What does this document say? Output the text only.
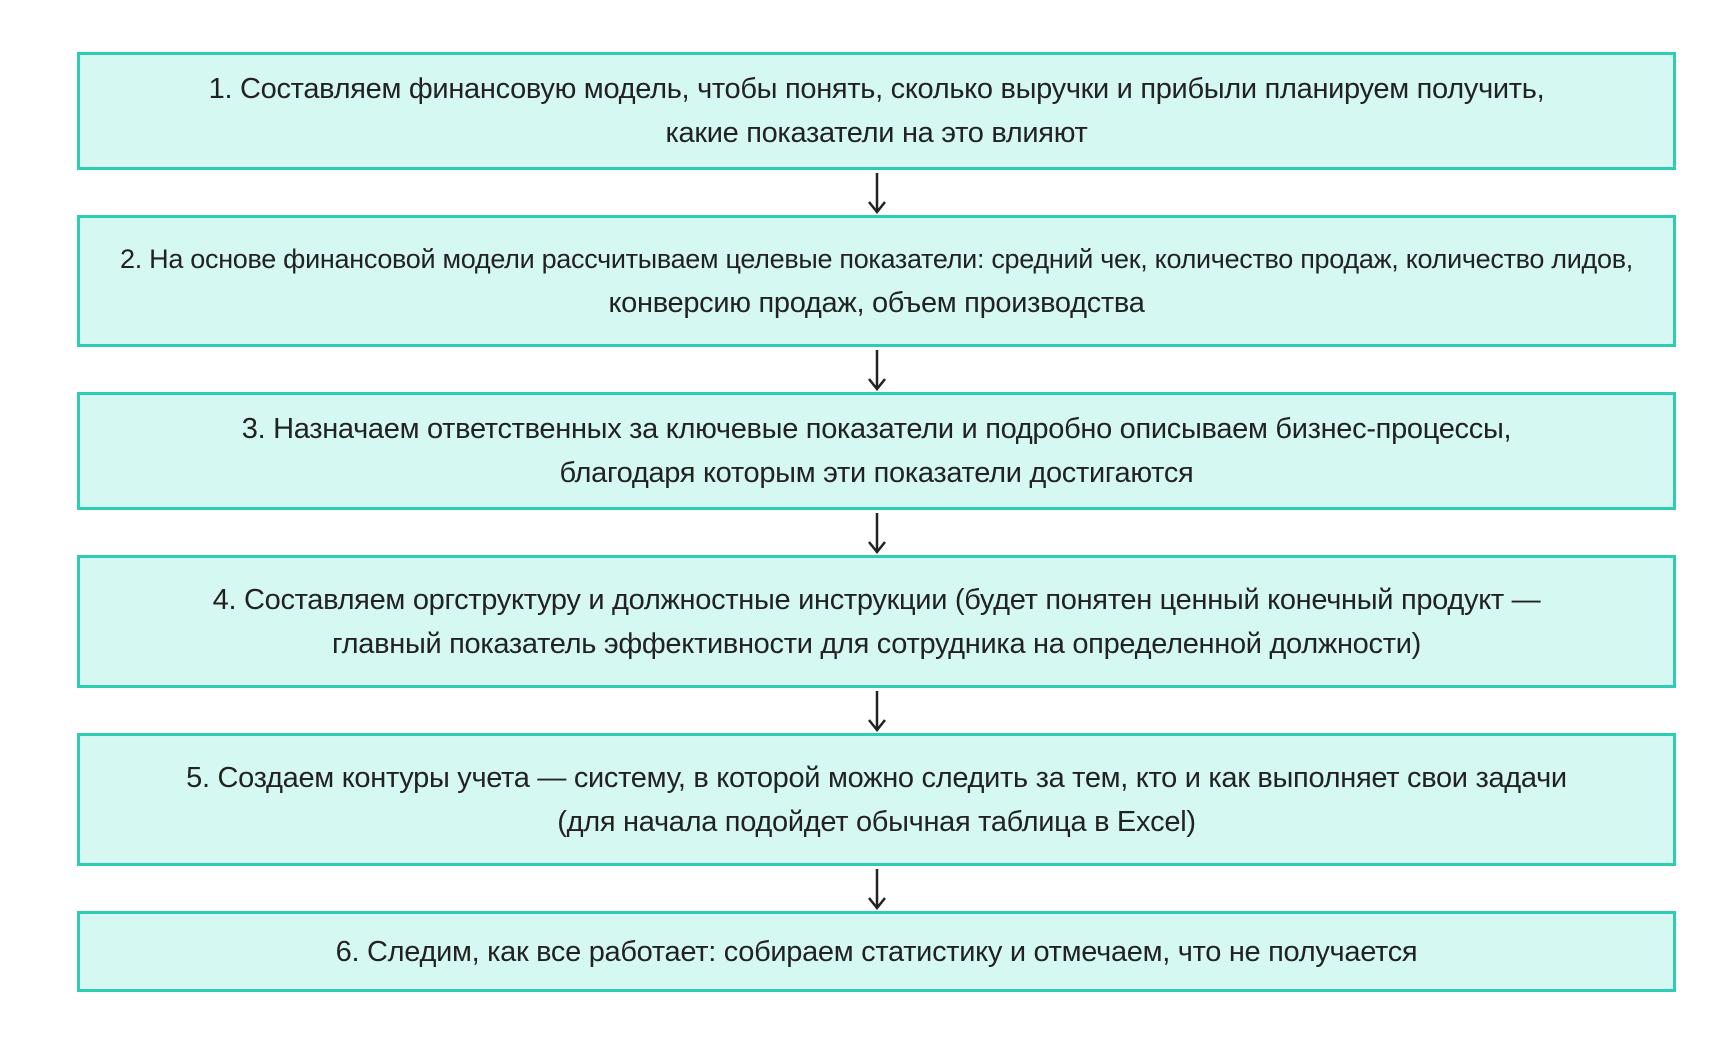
1. Составляем финансовую модель, чтобы понять, сколько выручки и прибыли планируем получить,
какие показатели на это влияют
2. На основе финансовой модели рассчитываем целевые показатели: средний чек, количество продаж, количество лидов,
конверсию продаж, объем производства
3. Назначаем ответственных за ключевые показатели и подробно описываем бизнес-процессы,
благодаря которым эти показатели достигаются
4. Составляем оргструктуру и должностные инструкции (будет понятен ценный конечный продукт —
главный показатель эффективности для сотрудника на определенной должности)
5. Создаем контуры учета — систему, в которой можно следить за тем, кто и как выполняет свои задачи
(для начала подойдет обычная таблица в Excel)
6. Следим, как все работает: собираем статистику и отмечаем, что не получается
